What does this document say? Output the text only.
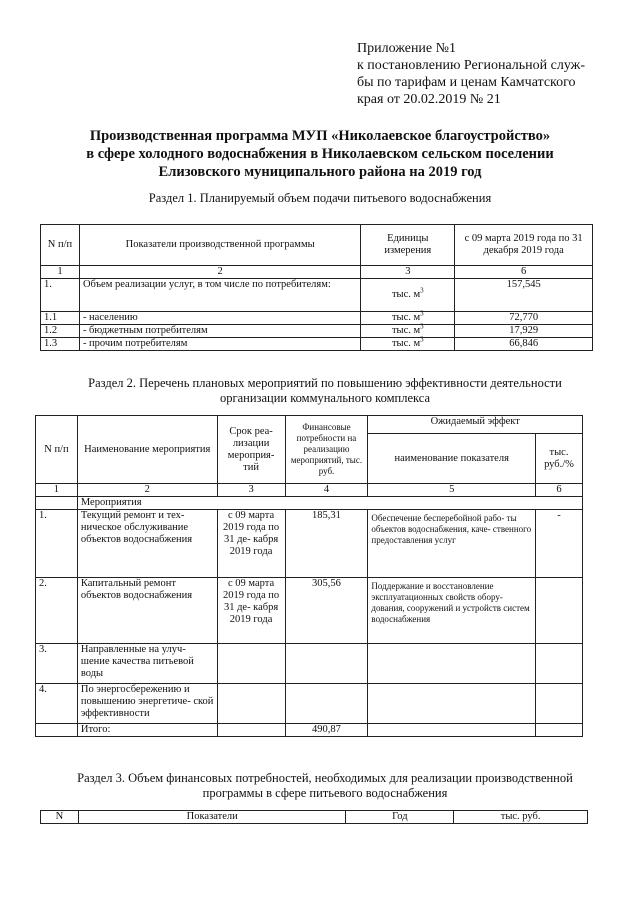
Приложение №1
к постановлению Региональной служ-
бы по тарифам и ценам Камчатского
края от 20.02.2019 № 21
Производственная программа МУП «Николаевское благоустройство»
в сфере холодного водоснабжения в Николаевском сельском поселении
Елизовского муниципального района на 2019 год
Раздел 1. Планируемый объем подачи питьевого водоснабжения
N п/п	Показатели производственной программы	Единицы измерения	с 09 марта 2019 года по 31 декабря 2019 года
1	2	3	6
1.	Объем реализации услуг, в том числе по потребителям:	тыс. $м^3$	157,545
1.1	- населению	тыс. $м^3$	72,770
1.2	- бюджетным потребителям	тыс. $м^3$	17,929
1.3	- прочим потребителям	тыс. $м^3$	66,846
Раздел 2. Перечень плановых мероприятий по повышению эффективности деятельности
организации коммунального комплекса
N п/п	Наименование мероприятия	Срок реа- лизации мероприя- тий	Финансовые потребности на реализацию мероприятий, тыс. руб.	Ожидаемый эффект	
				наименование показателя	тыс. руб./%
1	2	3	4	5	6
	Мероприятия				
1.	Текущий ремонт и тех- ническое обслуживание объектов водоснабжения	с 09 марта 2019 года по 31 де- кабря 2019 года	185,31	Обеспечение бесперебойной рабо- ты объектов водоснабжения, каче- ственного предоставления услуг	-
2.	Капитальный ремонт объектов водоснабжения	с 09 марта 2019 года по 31 де- кабря 2019 года	305,56	Поддержание и восстановление эксплуатационных свойств обору- дования, сооружений и устройств систем водоснабжения	
3.	Направленные на улуч- шение качества питьевой воды				
4.	По энергосбережению и повышению энергетиче- ской эффективности				
	Итого:		490,87		
Раздел 3. Объем финансовых потребностей, необходимых для реализации производственной
программы в сфере питьевого водоснабжения
N	Показатели	Год	тыс. руб.
